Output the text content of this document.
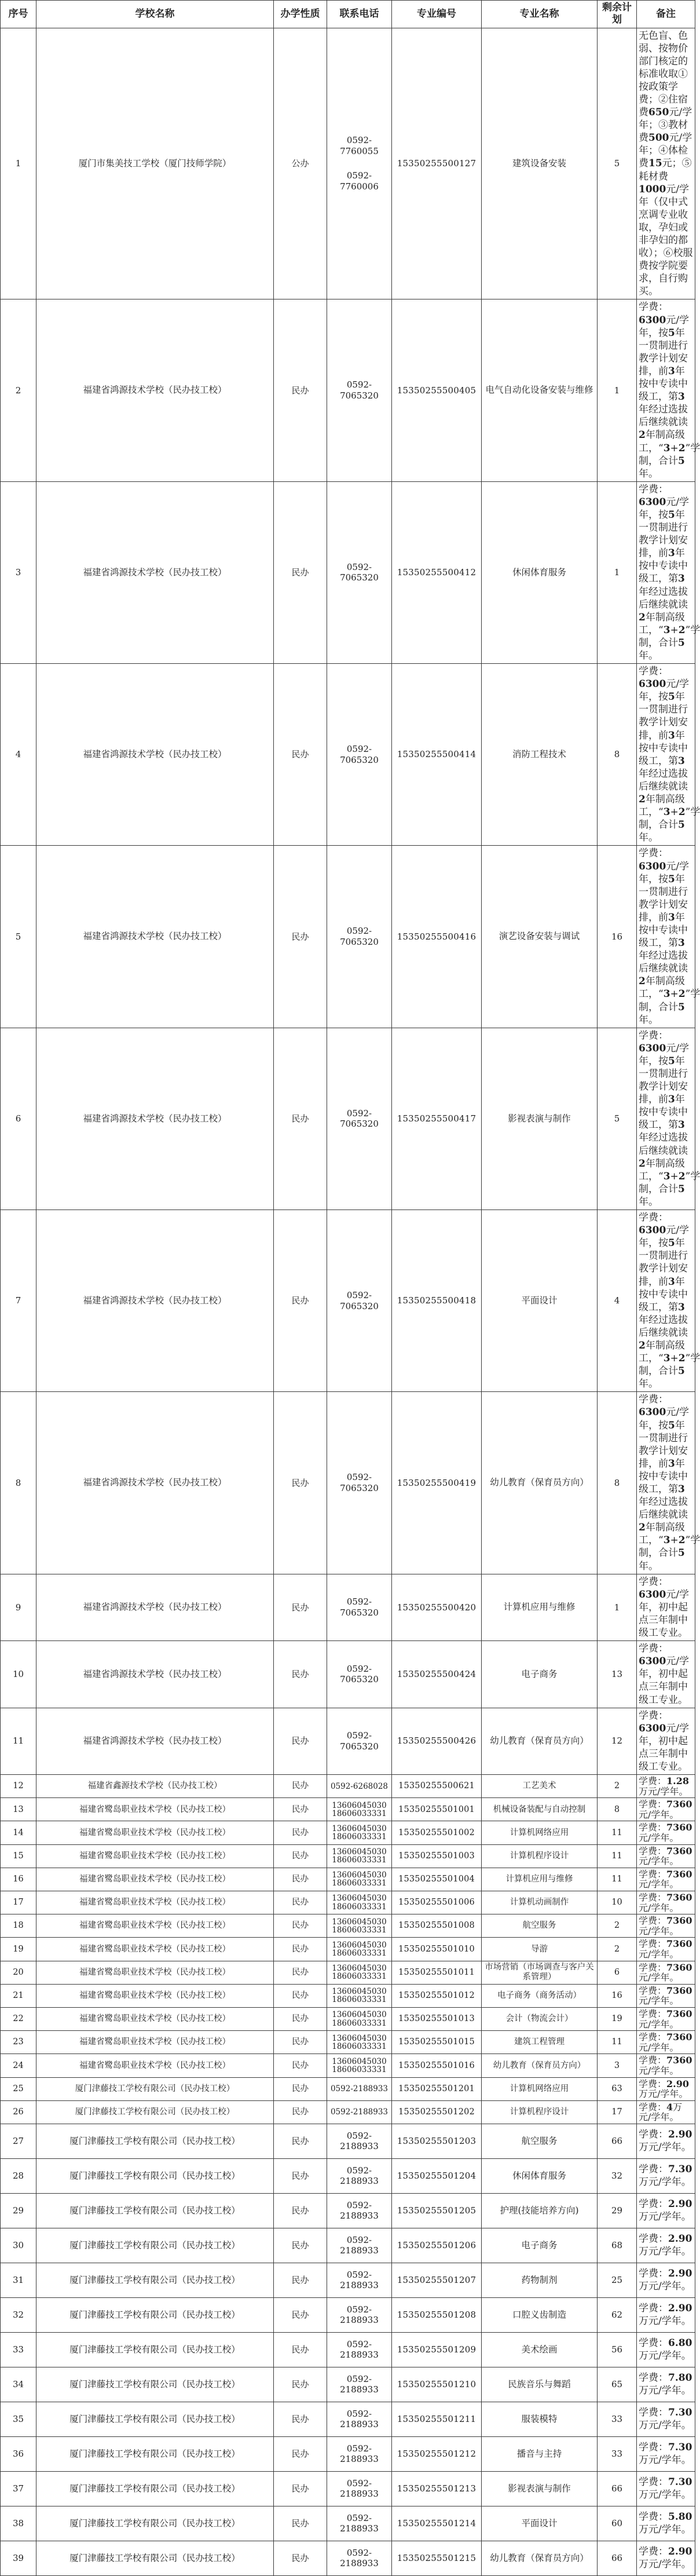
序号	学校名称	办学性质	联系电话	专业编号	专业名称	剩余计划	备注
1	厦门市集美技工学校（厦门技师学院）	公办	0592-7760055
0592-7760006	15350255500127	建筑设备安装	5	无色盲、色弱、按物价部门核定的标准收取①按政策学费；②住宿费650元/学年；③教材费500元/学年；④体检费15元；⑤耗材费1000元/学年（仅中式烹调专业收取，孕妇或非孕妇的都收）；⑥校服费按学院要求，自行购买。
2	福建省鸿源技术学校（民办技工校）	民办	0592-7065320	15350255500405	电气自动化设备安装与维修	1	学费：6300元/学年，按5年一贯制进行教学计划安排，前3年按中专读中级工，第3年经过选拔后继续就读2年制高级工，“3+2”学制，合计5年。
3	福建省鸿源技术学校（民办技工校）	民办	0592-7065320	15350255500412	休闲体育服务	1	学费：6300元/学年，按5年一贯制进行教学计划安排，前3年按中专读中级工，第3年经过选拔后继续就读2年制高级工，“3+2”学制，合计5年。
4	福建省鸿源技术学校（民办技工校）	民办	0592-7065320	15350255500414	消防工程技术	8	学费：6300元/学年，按5年一贯制进行教学计划安排，前3年按中专读中级工，第3年经过选拔后继续就读2年制高级工，“3+2”学制，合计5年。
5	福建省鸿源技术学校（民办技工校）	民办	0592-7065320	15350255500416	演艺设备安装与调试	16	学费：6300元/学年，按5年一贯制进行教学计划安排，前3年按中专读中级工，第3年经过选拔后继续就读2年制高级工，“3+2”学制，合计5年。
6	福建省鸿源技术学校（民办技工校）	民办	0592-7065320	15350255500417	影视表演与制作	5	学费：6300元/学年，按5年一贯制进行教学计划安排，前3年按中专读中级工，第3年经过选拔后继续就读2年制高级工，“3+2”学制，合计5年。
7	福建省鸿源技术学校（民办技工校）	民办	0592-7065320	15350255500418	平面设计	4	学费：6300元/学年，按5年一贯制进行教学计划安排，前3年按中专读中级工，第3年经过选拔后继续就读2年制高级工，“3+2”学制，合计5年。
8	福建省鸿源技术学校（民办技工校）	民办	0592-7065320	15350255500419	幼儿教育（保育员方向）	8	学费：6300元/学年，按5年一贯制进行教学计划安排，前3年按中专读中级工，第3年经过选拔后继续就读2年制高级工，“3+2”学制，合计5年。
9	福建省鸿源技术学校（民办技工校）	民办	0592-7065320	15350255500420	计算机应用与维修	1	学费：6300元/学年，初中起点三年制中级工专业。
10	福建省鸿源技术学校（民办技工校）	民办	0592-7065320	15350255500424	电子商务	13	学费：6300元/学年，初中起点三年制中级工专业。
11	福建省鸿源技术学校（民办技工校）	民办	0592-7065320	15350255500426	幼儿教育（保育员方向）	12	学费：6300元/学年，初中起点三年制中级工专业。
12	福建省鑫源技术学校（民办技工校）	民办	0592-6268028	15350255500621	工艺美术	2	学费：1.28万元/学年。
13	福建省鹭岛职业技术学校（民办技工校）	民办	13606045030
18606033331	15350255501001	机械设备装配与自动控制	8	学费：7360元/学年。
14	福建省鹭岛职业技术学校（民办技工校）	民办	13606045030
18606033331	15350255501002	计算机网络应用	11	学费：7360元/学年。
15	福建省鹭岛职业技术学校（民办技工校）	民办	13606045030
18606033331	15350255501003	计算机程序设计	11	学费：7360元/学年。
16	福建省鹭岛职业技术学校（民办技工校）	民办	13606045030
18606033331	15350255501004	计算机应用与维修	11	学费：7360元/学年。
17	福建省鹭岛职业技术学校（民办技工校）	民办	13606045030
18606033331	15350255501006	计算机动画制作	10	学费：7360元/学年。
18	福建省鹭岛职业技术学校（民办技工校）	民办	13606045030
18606033331	15350255501008	航空服务	2	学费：7360元/学年。
19	福建省鹭岛职业技术学校（民办技工校）	民办	13606045030
18606033331	15350255501010	导游	2	学费：7360元/学年。
20	福建省鹭岛职业技术学校（民办技工校）	民办	13606045030
18606033331	15350255501011	市场营销（市场调查与客户关系管理）	6	学费：7360元/学年。
21	福建省鹭岛职业技术学校（民办技工校）	民办	13606045030
18606033331	15350255501012	电子商务（商务活动）	16	学费：7360元/学年。
22	福建省鹭岛职业技术学校（民办技工校）	民办	13606045030
18606033331	15350255501013	会计（物流会计）	19	学费：7360元/学年。
23	福建省鹭岛职业技术学校（民办技工校）	民办	13606045030
18606033331	15350255501015	建筑工程管理	11	学费：7360元/学年。
24	福建省鹭岛职业技术学校（民办技工校）	民办	13606045030
18606033331	15350255501016	幼儿教育（保育员方向）	3	学费：7360元/学年。
25	厦门津藤技工学校有限公司（民办技工校）	民办	0592-2188933	15350255501201	计算机网络应用	63	学费：2.90万元/学年。
26	厦门津藤技工学校有限公司（民办技工校）	民办	0592-2188933	15350255501202	计算机程序设计	17	学费：4万元/学年。
27	厦门津藤技工学校有限公司（民办技工校）	民办	0592-2188933	15350255501203	航空服务	66	学费：2.90万元/学年。
28	厦门津藤技工学校有限公司（民办技工校）	民办	0592-2188933	15350255501204	休闲体育服务	32	学费：7.30万元/学年。
29	厦门津藤技工学校有限公司（民办技工校）	民办	0592-2188933	15350255501205	护理(技能培养方向)	29	学费：2.90万元/学年。
30	厦门津藤技工学校有限公司（民办技工校）	民办	0592-2188933	15350255501206	电子商务	68	学费：2.90万元/学年。
31	厦门津藤技工学校有限公司（民办技工校）	民办	0592-2188933	15350255501207	药物制剂	25	学费：2.90万元/学年。
32	厦门津藤技工学校有限公司（民办技工校）	民办	0592-2188933	15350255501208	口腔义齿制造	62	学费：2.90万元/学年。
33	厦门津藤技工学校有限公司（民办技工校）	民办	0592-2188933	15350255501209	美术绘画	56	学费：6.80万元/学年。
34	厦门津藤技工学校有限公司（民办技工校）	民办	0592-2188933	15350255501210	民族音乐与舞蹈	65	学费：7.80万元/学年。
35	厦门津藤技工学校有限公司（民办技工校）	民办	0592-2188933	15350255501211	服装模特	33	学费：7.30万元/学年。
36	厦门津藤技工学校有限公司（民办技工校）	民办	0592-2188933	15350255501212	播音与主持	33	学费：7.30万元/学年。
37	厦门津藤技工学校有限公司（民办技工校）	民办	0592-2188933	15350255501213	影视表演与制作	66	学费：7.30万元/学年。
38	厦门津藤技工学校有限公司（民办技工校）	民办	0592-2188933	15350255501214	平面设计	60	学费：5.80万元/学年。
39	厦门津藤技工学校有限公司（民办技工校）	民办	0592-2188933	15350255501215	幼儿教育（保育员方向）	66	学费：2.90万元/学年。
